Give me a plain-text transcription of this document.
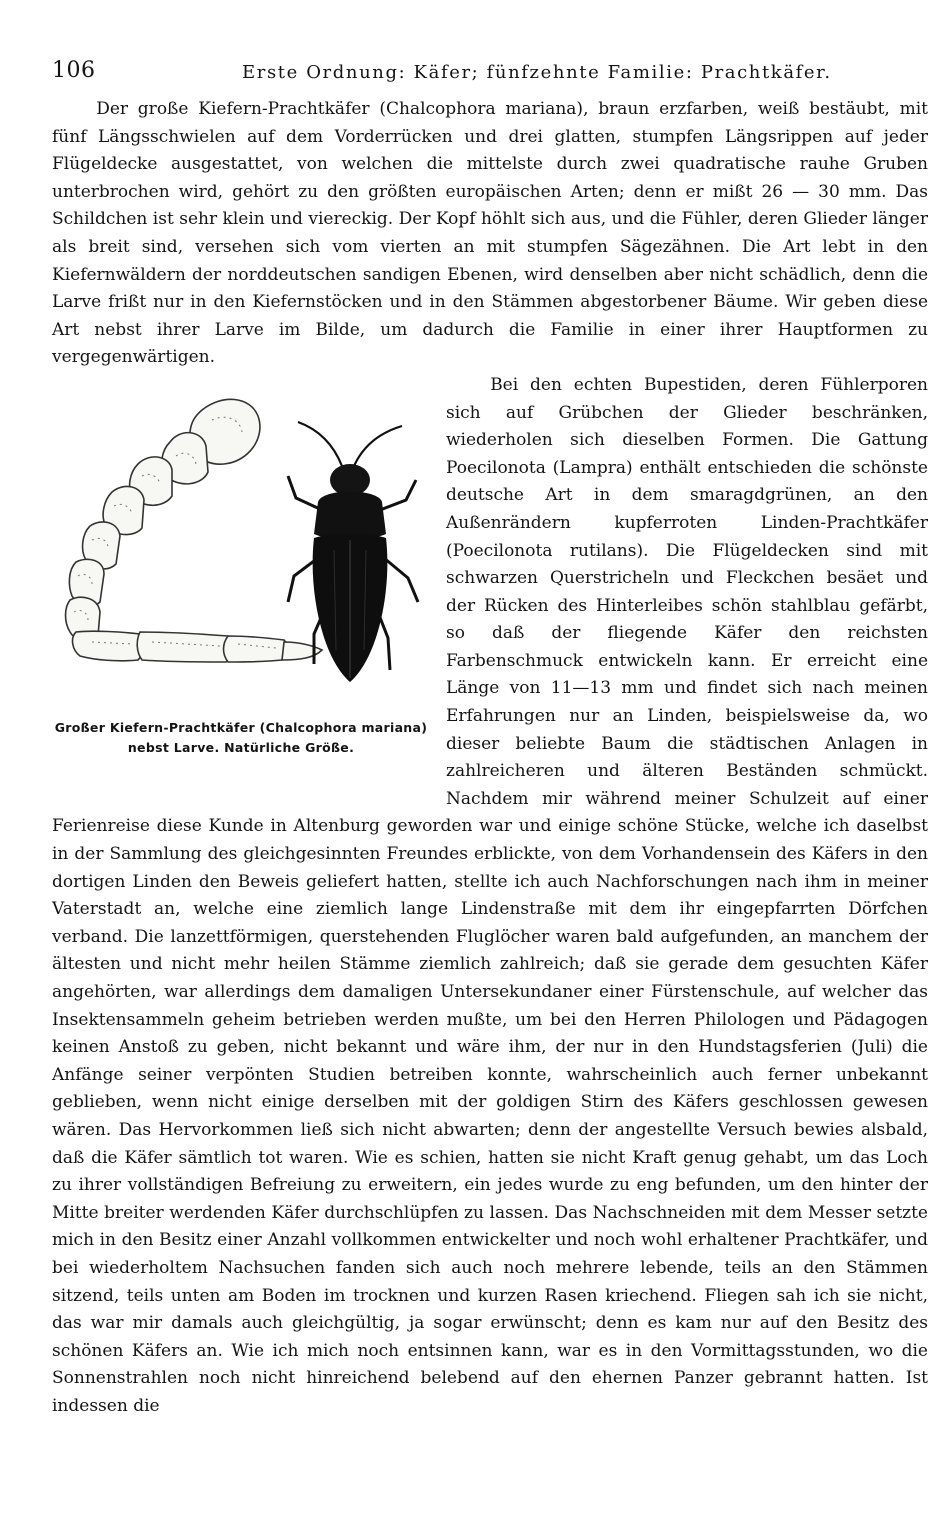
106	Erste Ordnung: Käfer; fünfzehnte Familie: Prachtkäfer.

Der große Kiefern-Prachtkäfer (Chalcophora mariana), braun erzfarben, weiß bestäubt, mit fünf Längsschwielen auf dem Vorderrücken und drei glatten, stumpfen Längsrippen auf jeder Flügeldecke ausgestattet, von welchen die mittelste durch zwei quadratische rauhe Gruben unterbrochen wird, gehört zu den größten europäischen Arten; denn er mißt 26 — 30 mm. Das Schildchen ist sehr klein und viereckig. Der Kopf höhlt sich aus, und die Fühler, deren Glieder länger als breit sind, versehen sich vom vierten an mit stumpfen Sägezähnen. Die Art lebt in den Kiefernwäldern der norddeutschen sandigen Ebenen, wird denselben aber nicht schädlich, denn die Larve frißt nur in den Kiefernstöcken und in den Stämmen abgestorbener Bäume. Wir geben diese Art nebst ihrer Larve im Bilde, um dadurch die Familie in einer ihrer Hauptformen zu vergegenwärtigen.

Großer Kiefern-Prachtkäfer (Chalcophora mariana) nebst Larve. Natürliche Größe.

Bei den echten Bupestiden, deren Fühlerporen sich auf Grübchen der Glieder beschränken, wiederholen sich dieselben Formen. Die Gattung Poecilonota (Lampra) enthält entschieden die schönste deutsche Art in dem smaragdgrünen, an den Außenrändern kupferroten Linden-Prachtkäfer (Poecilonota rutilans). Die Flügeldecken sind mit schwarzen Querstricheln und Fleckchen besäet und der Rücken des Hinterleibes schön stahlblau gefärbt, so daß der fliegende Käfer den reichsten Farbenschmuck entwickeln kann. Er erreicht eine Länge von 11—13 mm und findet sich nach meinen Erfahrungen nur an Linden, beispielsweise da, wo dieser beliebte Baum die städtischen Anlagen in zahlreicheren und älteren Beständen schmückt. Nachdem mir während meiner Schulzeit auf einer Ferienreise diese Kunde in Altenburg geworden war und einige schöne Stücke, welche ich daselbst in der Sammlung des gleichgesinnten Freundes erblickte, von dem Vorhandensein des Käfers in den dortigen Linden den Beweis geliefert hatten, stellte ich auch Nachforschungen nach ihm in meiner Vaterstadt an, welche eine ziemlich lange Lindenstraße mit dem ihr eingepfarrten Dörfchen verband. Die lanzettförmigen, querstehenden Fluglöcher waren bald aufgefunden, an manchem der ältesten und nicht mehr heilen Stämme ziemlich zahlreich; daß sie gerade dem gesuchten Käfer angehörten, war allerdings dem damaligen Untersekundaner einer Fürstenschule, auf welcher das Insektensammeln geheim betrieben werden mußte, um bei den Herren Philologen und Pädagogen keinen Anstoß zu geben, nicht bekannt und wäre ihm, der nur in den Hundstagsferien (Juli) die Anfänge seiner verpönten Studien betreiben konnte, wahrscheinlich auch ferner unbekannt geblieben, wenn nicht einige derselben mit der goldigen Stirn des Käfers geschlossen gewesen wären. Das Hervorkommen ließ sich nicht abwarten; denn der angestellte Versuch bewies alsbald, daß die Käfer sämtlich tot waren. Wie es schien, hatten sie nicht Kraft genug gehabt, um das Loch zu ihrer vollständigen Befreiung zu erweitern, ein jedes wurde zu eng befunden, um den hinter der Mitte breiter werdenden Käfer durchschlüpfen zu lassen. Das Nachschneiden mit dem Messer setzte mich in den Besitz einer Anzahl vollkommen entwickelter und noch wohl erhaltener Prachtkäfer, und bei wiederholtem Nachsuchen fanden sich auch noch mehrere lebende, teils an den Stämmen sitzend, teils unten am Boden im trocknen und kurzen Rasen kriechend. Fliegen sah ich sie nicht, das war mir damals auch gleichgültig, ja sogar erwünscht; denn es kam nur auf den Besitz des schönen Käfers an. Wie ich mich noch entsinnen kann, war es in den Vormittagsstunden, wo die Sonnenstrahlen noch nicht hinreichend belebend auf den ehernen Panzer gebrannt hatten. Ist indessen die
